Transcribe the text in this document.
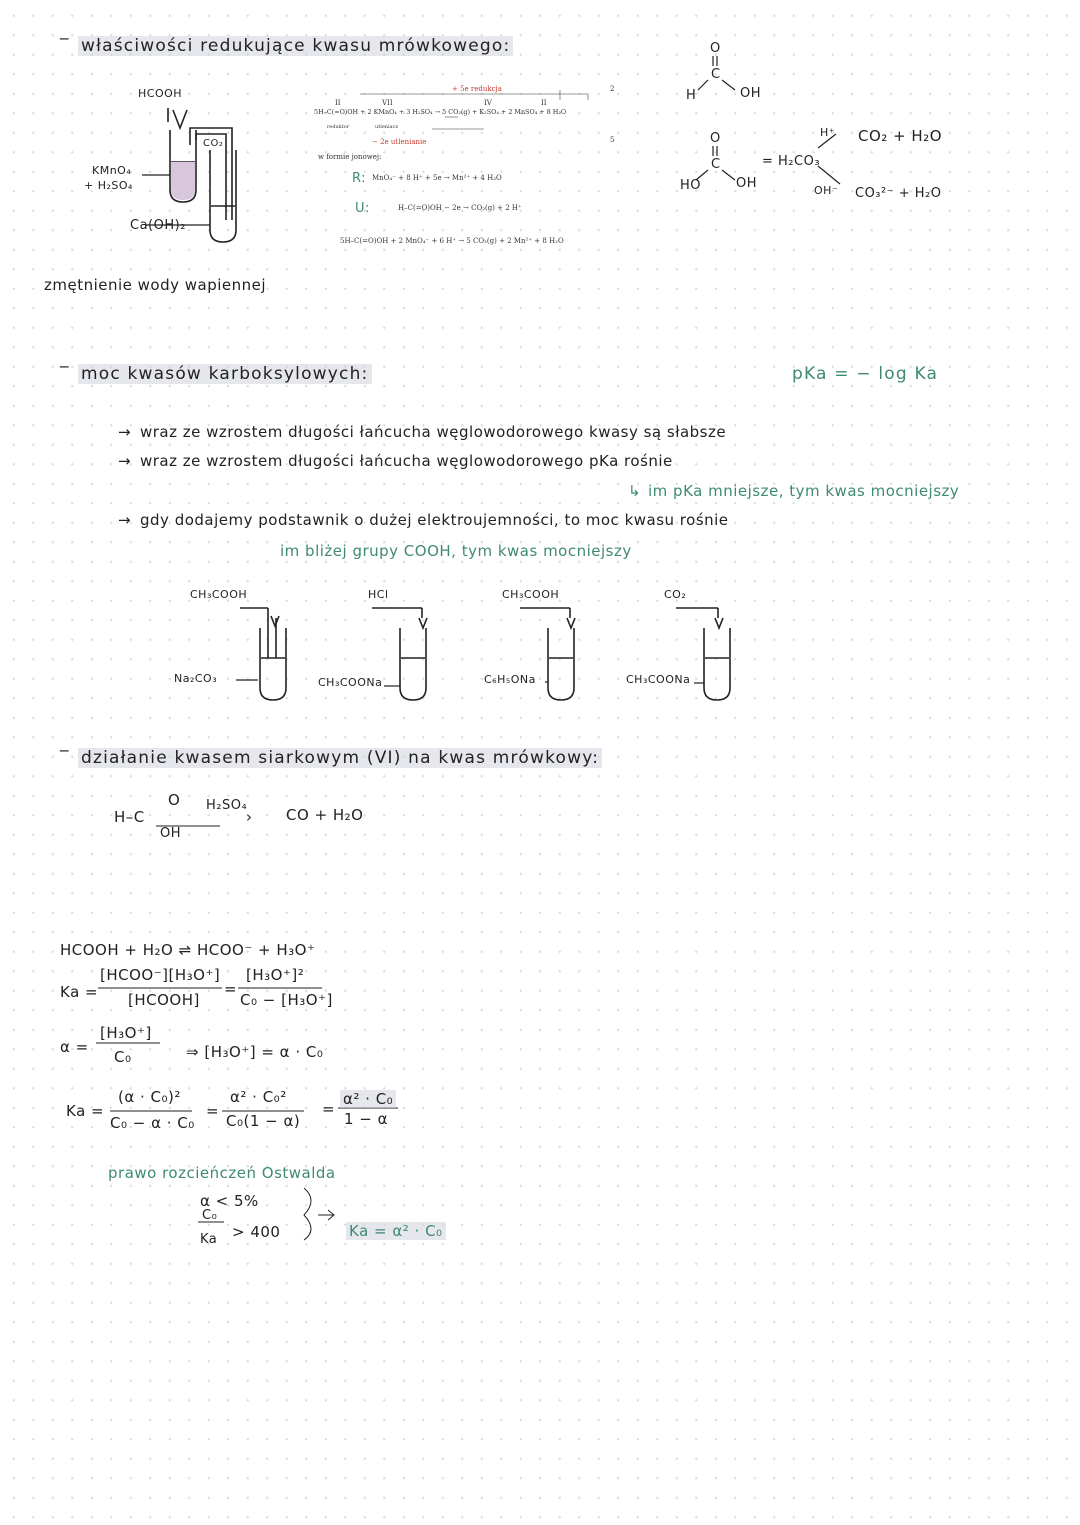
‾ właściwości redukujące kwasu mrówkowego:
HCOOH
CO₂
KMnO₄
+ H₂SO₄
Ca(OH)₂
zmętnienie wody wapiennej
+ 5e redukcja	2
II	VII	IV	II
5H–C(=O)OH + 2 KMnO₄ + 3 H₂SO₄ → 5 CO₂(g) + K₂SO₄ + 2 MnSO₄ + 8 H₂O
reduktor	utleniacz
5
− 2e utlenianie
w formie jonowej:
R: MnO₄⁻ + 8 H⁺ + 5e → Mn²⁺ + 4 H₂O
U:	H–C(=O)OH − 2e → CO₂(g) + 2 H⁺
5H–C(=O)OH + 2 MnO₄⁻ + 6 H⁺ → 5 CO₂(g) + 2 Mn²⁺ + 8 H₂O
O
C
H	OH
O
C
HO	OH
= H₂CO₃
H⁺ CO₂ + H₂O
OH⁻ CO₃²⁻ + H₂O
‾ moc kwasów karboksylowych:	pKa = − log Ka
→ wraz ze wzrostem długości łańcucha węglowodorowego kwasy są słabsze
→ wraz ze wzrostem długości łańcucha węglowodorowego pKa rośnie
↳ im pKa mniejsze, tym kwas mocniejszy
→ gdy dodajemy podstawnik o dużej elektroujemności, to moc kwasu rośnie
im bliżej grupy COOH, tym kwas mocniejszy
CH₃COOH
Na₂CO₃
HCl
CH₃COONa
CH₃COOH
C₆H₅ONa
CO₂
CH₃COONa
‾ działanie kwasem siarkowym (VI) na kwas mrówkowy:
O
H–C
OH
H₂SO₄
› CO + H₂O
HCOOH + H₂O ⇌ HCOO⁻ + H₃O⁺
Ka =
[HCOO⁻][H₃O⁺]
[HCOOH]
=
[H₃O⁺]²
C₀ − [H₃O⁺]
α =
[H₃O⁺]
C₀	⇒ [H₃O⁺] = α · C₀
Ka =
(α · C₀)²
C₀ − α · C₀
=
α² · C₀²
C₀(1 − α)
=
α² · C₀
1 − α
prawo rozcieńczeń Ostwalda
α < 5%
C₀
Ka > 400	Ka = α² · C₀
